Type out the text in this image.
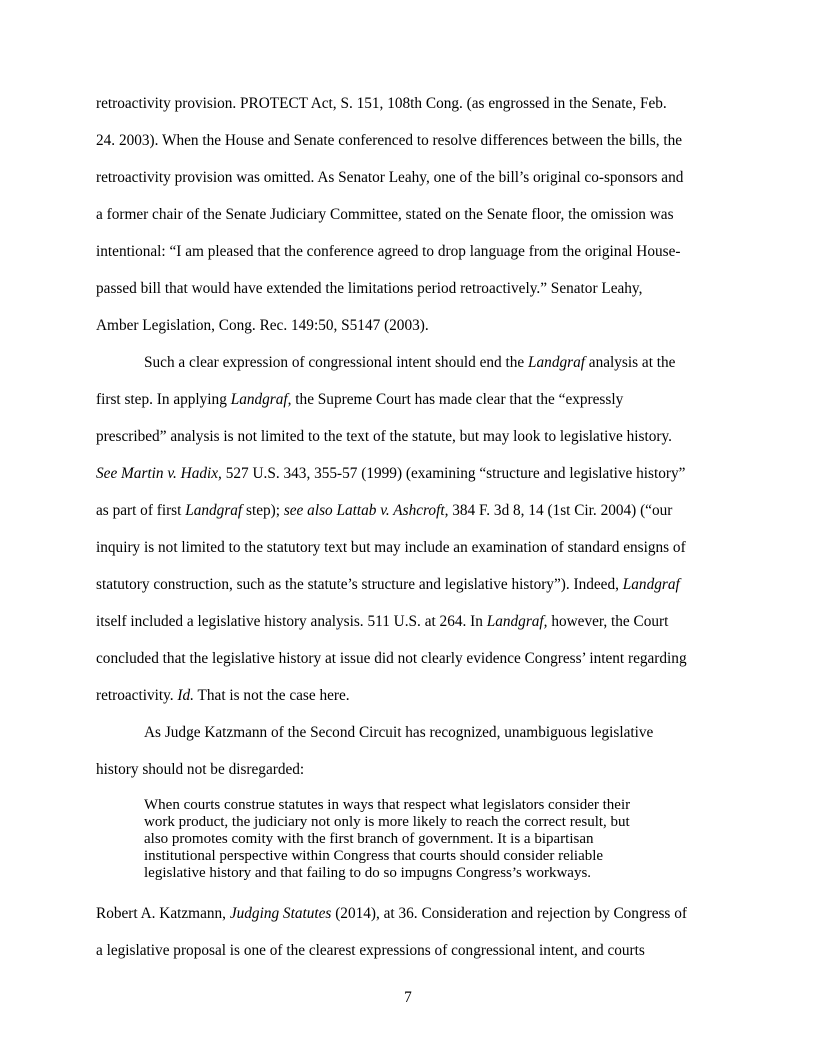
retroactivity provision. PROTECT Act, S. 151, 108th Cong. (as engrossed in the Senate, Feb.
24. 2003). When the House and Senate conferenced to resolve differences between the bills, the
retroactivity provision was omitted. As Senator Leahy, one of the bill’s original co-sponsors and
a former chair of the Senate Judiciary Committee, stated on the Senate floor, the omission was
intentional: “I am pleased that the conference agreed to drop language from the original House-
passed bill that would have extended the limitations period retroactively.” Senator Leahy,
Amber Legislation, Cong. Rec. 149:50, S5147 (2003).
Such a clear expression of congressional intent should end the Landgraf analysis at the
first step. In applying Landgraf, the Supreme Court has made clear that the “expressly
prescribed” analysis is not limited to the text of the statute, but may look to legislative history.
See Martin v. Hadix, 527 U.S. 343, 355-57 (1999) (examining “structure and legislative history”
as part of first Landgraf step); see also Lattab v. Ashcroft, 384 F. 3d 8, 14 (1st Cir. 2004) (“our
inquiry is not limited to the statutory text but may include an examination of standard ensigns of
statutory construction, such as the statute’s structure and legislative history”). Indeed, Landgraf
itself included a legislative history analysis. 511 U.S. at 264. In Landgraf, however, the Court
concluded that the legislative history at issue did not clearly evidence Congress’ intent regarding
retroactivity. Id. That is not the case here.
As Judge Katzmann of the Second Circuit has recognized, unambiguous legislative
history should not be disregarded:
When courts construe statutes in ways that respect what legislators consider their
work product, the judiciary not only is more likely to reach the correct result, but
also promotes comity with the first branch of government. It is a bipartisan
institutional perspective within Congress that courts should consider reliable
legislative history and that failing to do so impugns Congress’s workways.
Robert A. Katzmann, Judging Statutes (2014), at 36. Consideration and rejection by Congress of
a legislative proposal is one of the clearest expressions of congressional intent, and courts
7
